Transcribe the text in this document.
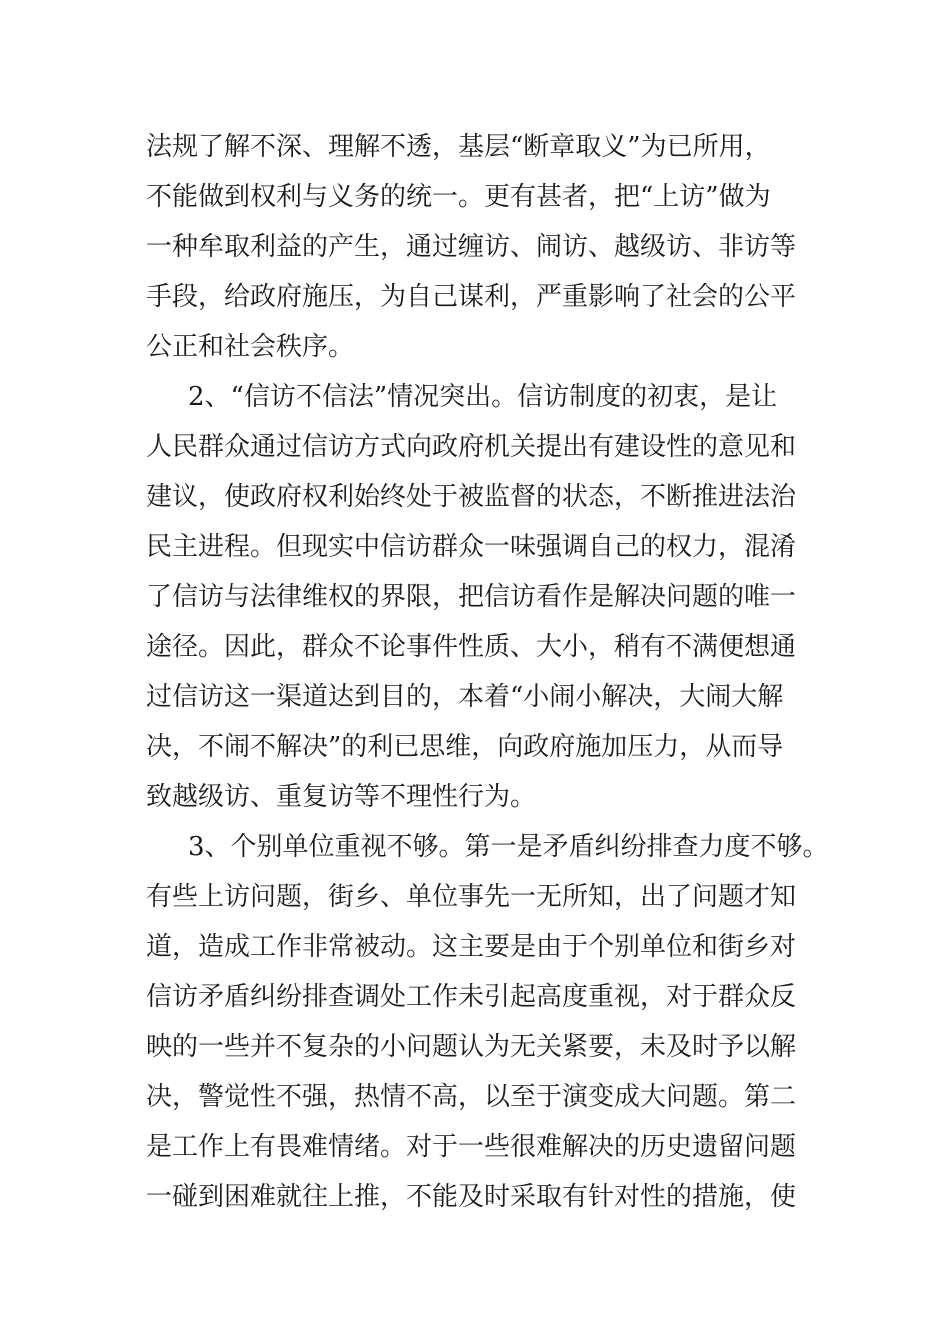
法规了解不深、理解不透，基层“断章取义”为已所用，
不能做到权利与义务的统一。更有甚者，把“上访”做为
一种牟取利益的产生，通过缠访、闹访、越级访、非访等
手段，给政府施压，为自己谋利，严重影响了社会的公平
公正和社会秩序。
2、“信访不信法”情况突出。信访制度的初衷，是让
人民群众通过信访方式向政府机关提出有建设性的意见和
建议，使政府权利始终处于被监督的状态，不断推进法治
民主进程。但现实中信访群众一味强调自己的权力，混淆
了信访与法律维权的界限，把信访看作是解决问题的唯一
途径。因此，群众不论事件性质、大小，稍有不满便想通
过信访这一渠道达到目的，本着“小闹小解决，大闹大解
决，不闹不解决”的利已思维，向政府施加压力，从而导
致越级访、重复访等不理性行为。
3、个别单位重视不够。第一是矛盾纠纷排查力度不够。
有些上访问题，街乡、单位事先一无所知，出了问题才知
道，造成工作非常被动。这主要是由于个别单位和街乡对
信访矛盾纠纷排查调处工作未引起高度重视，对于群众反
映的一些并不复杂的小问题认为无关紧要，未及时予以解
决，警觉性不强，热情不高，以至于演变成大问题。第二
是工作上有畏难情绪。对于一些很难解决的历史遗留问题
一碰到困难就往上推，不能及时采取有针对性的措施，使
